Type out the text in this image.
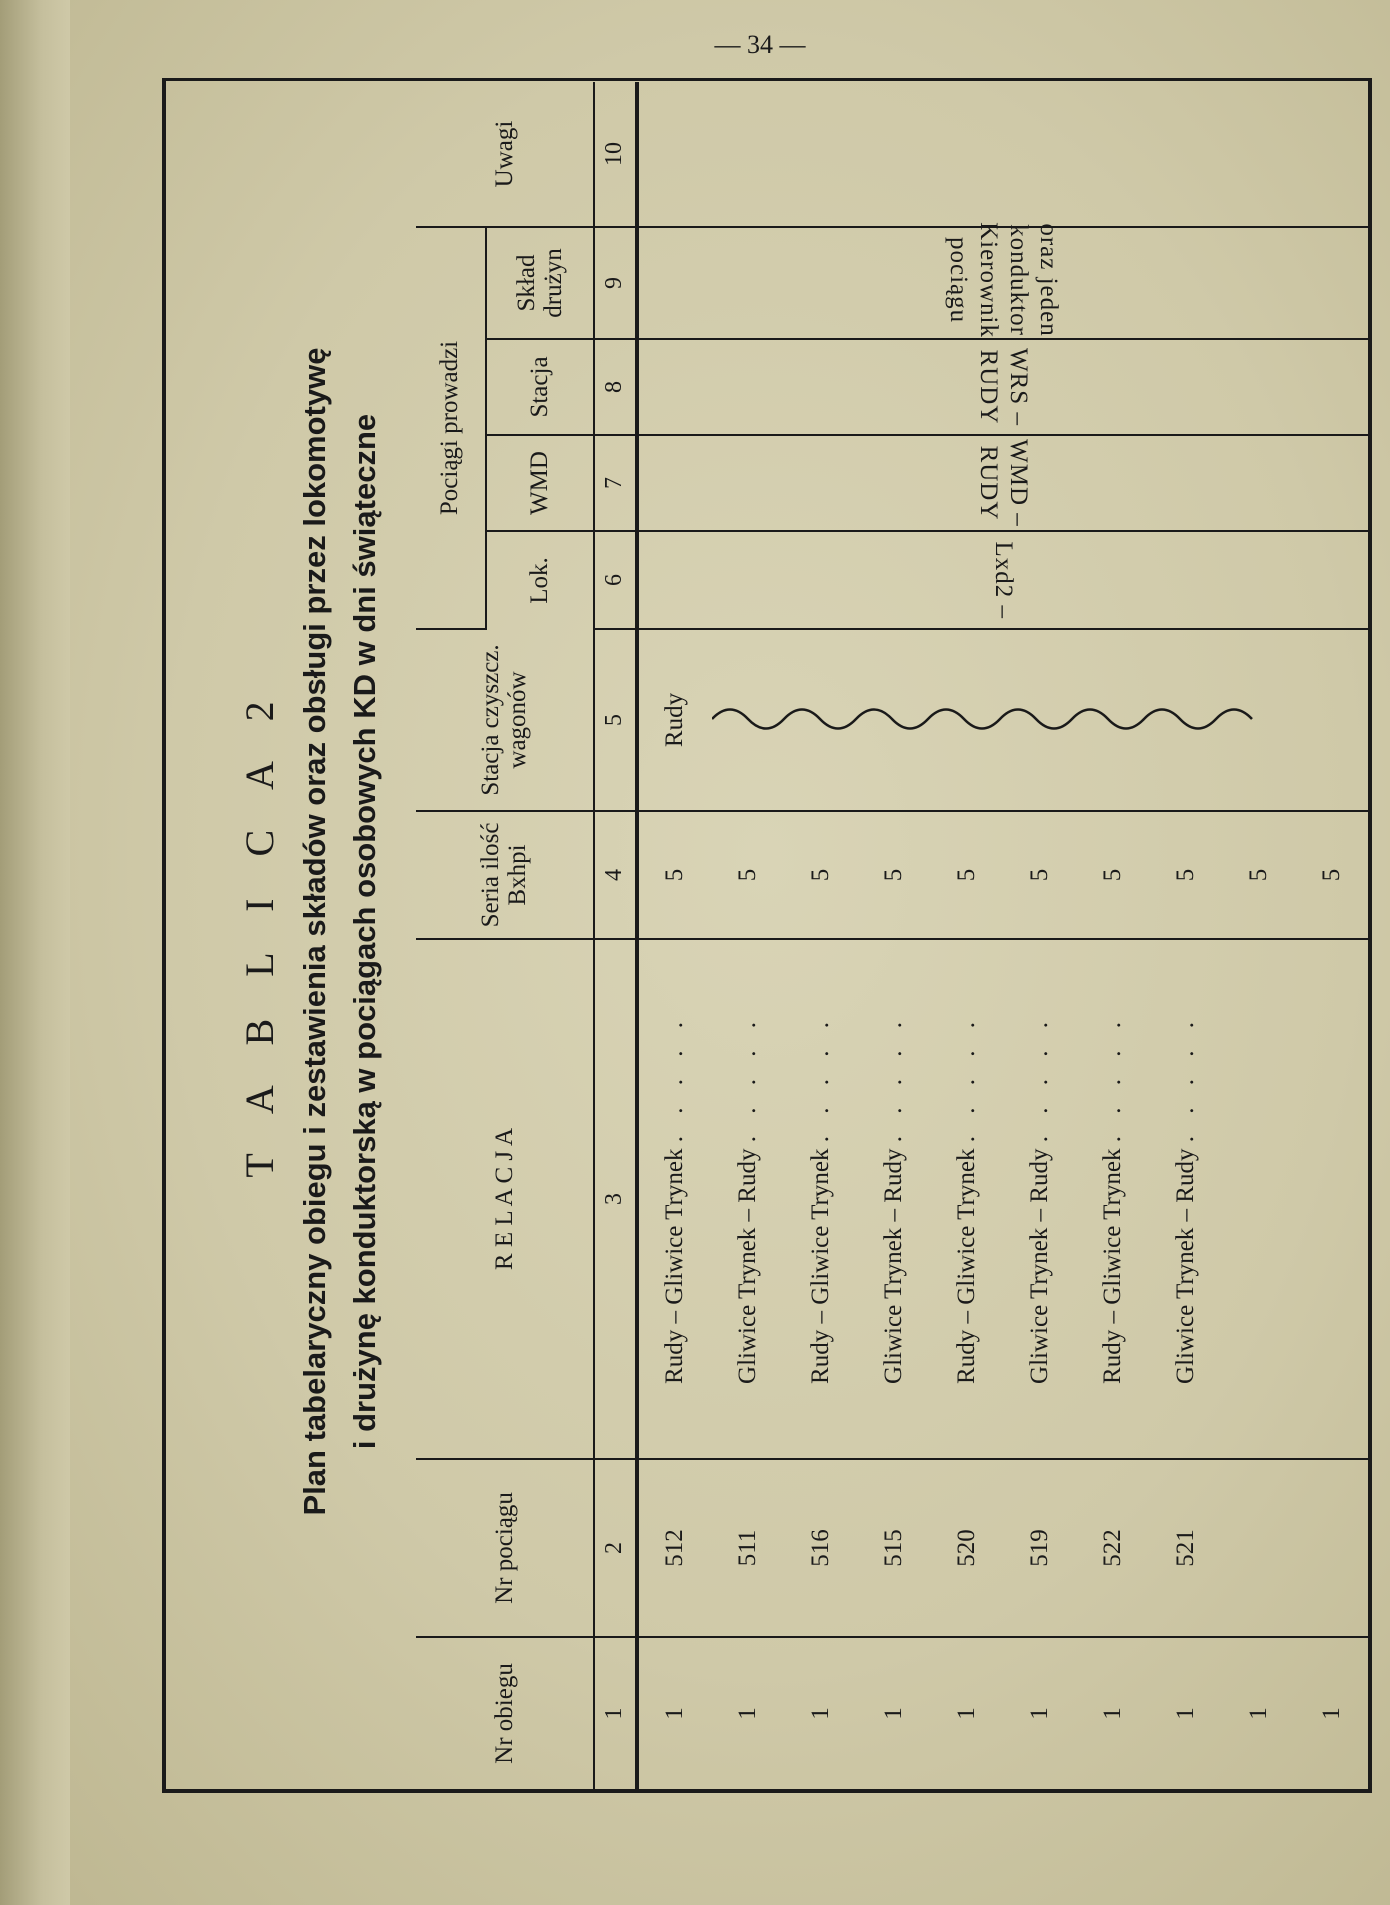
— 34 —
T A B L I C A 2 Plan tabelaryczny obiegu i zestawienia składów oraz obsługi przez lokomotywę i drużynę konduktorską w pociągach osobowych KD w dni świąteczne
Nr obiegu	Nr pociągu	R E L A C J A	Seria ilość Bxhpi	Stacja czyszcz. wagonów	Pociągi prowadzi				Uwagi
					Lok.	WMD	Stacja	Skład drużyn	
1	2	3	4	5	6	7	8	9	10
1	512	Rudy – Gliwice Trynek . . . . .	5	Rudy	Lxd2 –	WMD – RUDY	WRS – RUDY	oraz jeden konduktor
Kierownik pociągu	
1	511	Gliwice Trynek – Rudy . . . . .	5	

1	516	Rudy – Gliwice Trynek . . . . .	5						
1	515	Gliwice Trynek – Rudy . . . . .	5						
1	520	Rudy – Gliwice Trynek . . . . .	5						
1	519	Gliwice Trynek – Rudy . . . . .	5						
1	522	Rudy – Gliwice Trynek . . . . .	5						
1	521	Gliwice Trynek – Rudy . . . . .	5						
1			5						
1			5						
